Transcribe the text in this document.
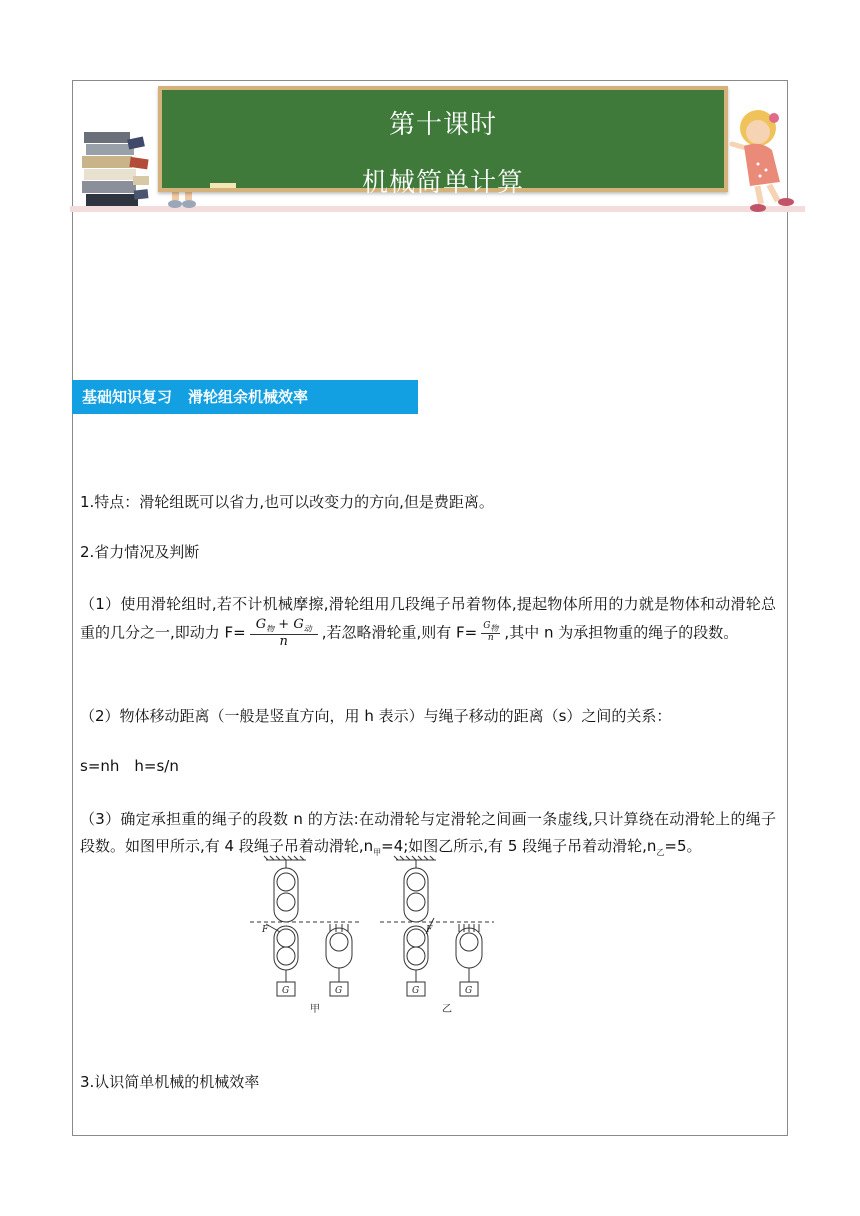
第十课时
机械简单计算
基础知识复习 滑轮组余机械效率
1.特点：滑轮组既可以省力,也可以改变力的方向,但是费距离。
2.省力情况及判断
（1）使用滑轮组时,若不计机械摩擦,滑轮组用几段绳子吊着物体,提起物体所用的力就是物体和动滑轮总重的几分之一,即动力 $F= \frac{G_物 + G_动}{n}$ ,若忽略滑轮重,则有 $F= \frac{G_物}{n}$ ,其中 n 为承担物重的绳子的段数。
（2）物体移动距离（一般是竖直方向，用 h 表示）与绳子移动的距离（s）之间的关系：
s=nh　h=s/n
（3）确定承担重的绳子的段数 n 的方法:在动滑轮与定滑轮之间画一条虚线,只计算绕在动滑轮上的绳子段数。如图甲所示,有 4 段绳子吊着动滑轮$,n_甲=4$;如图乙所示,有 5 段绳子吊着动滑轮$,n_乙=5$。
G	G	G	G
F	F
甲	乙
3.认识简单机械的机械效率
